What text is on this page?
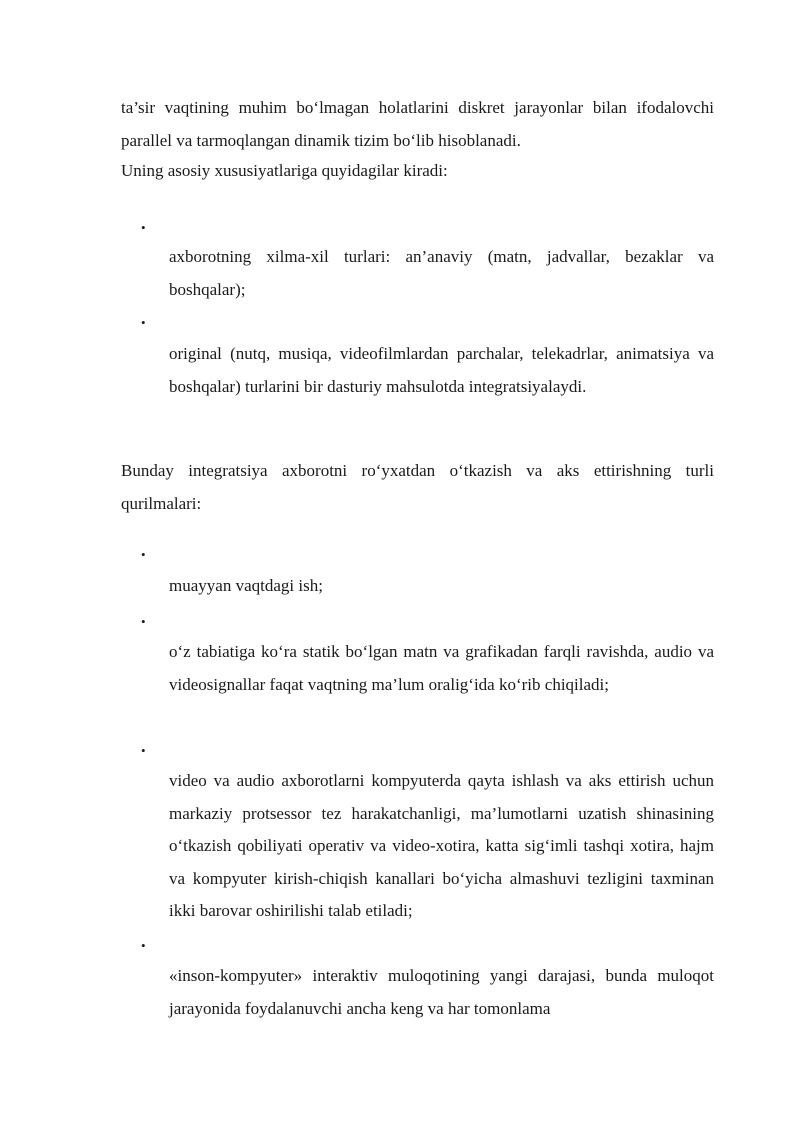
ta’sir vaqtining muhim bo‘lmagan holatlarini diskret jarayonlar bilan ifodalovchi parallel va tarmoqlangan dinamik tizim bo‘lib hisoblanadi.

Uning asosiy xususiyatlariga quyidagilar kiradi:

•

axborotning xilma-xil turlari: an’anaviy (matn, jadvallar, bezaklar va boshqalar);

•

original (nutq, musiqa, videofilmlardan parchalar, telekadrlar, animatsiya va boshqalar) turlarini bir dasturiy mahsulotda integratsiyalaydi.

Bunday integratsiya axborotni ro‘yxatdan o‘tkazish va aks ettirishning turli qurilmalari:

•

muayyan vaqtdagi ish;

•

o‘z tabiatiga ko‘ra statik bo‘lgan matn va grafikadan farqli ravishda, audio va videosignallar faqat vaqtning ma’lum oralig‘ida ko‘rib chiqiladi;

•

video va audio axborotlarni kompyuterda qayta ishlash va aks ettirish uchun markaziy protsessor tez harakatchanligi, ma’lumotlarni uzatish shinasining o‘tkazish qobiliyati operativ va video-xotira, katta sig‘imli tashqi xotira, hajm va kompyuter kirish-chiqish kanallari bo‘yicha almashuvi tezligini taxminan ikki barovar oshirilishi talab etiladi;

•

«inson-kompyuter» interaktiv muloqotining yangi darajasi, bunda muloqot jarayonida foydalanuvchi ancha keng va har tomonlama
